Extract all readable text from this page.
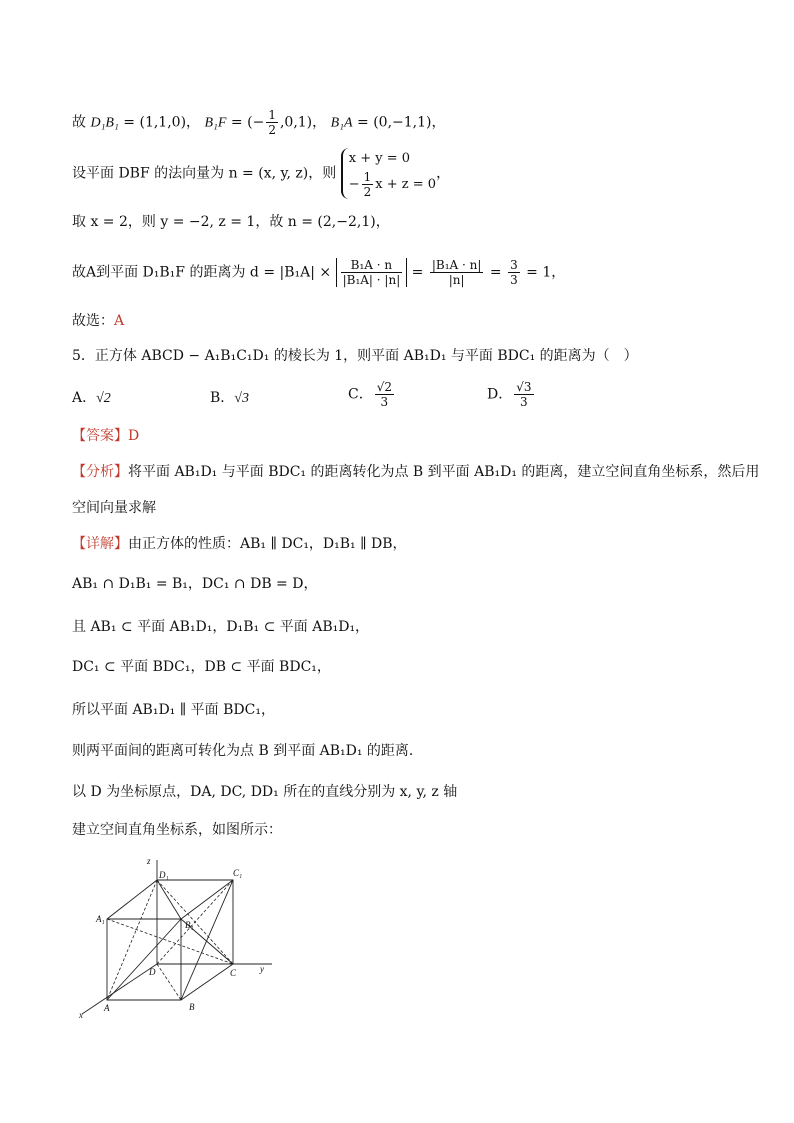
故 D₁B₁ = (1,1,0)， B₁F = (− $\frac{1}{2} ,0,1$)， B₁A = (0,−1,1)，
设平面 DBF 的法向量为 n = (x, y, z)，则
x + y = 0
− $\frac{1}{2}$ x + z = 0
，
取 x = 2，则 y = −2, z = 1，故 n = (2,−2,1)，
故A到平面 D₁B₁F 的距离为 $d = |B_1A| \times \frac{\text{B₁A · n}}{\text{|B₁A| · |n|}} = \frac{\text{|B₁A · n|}}{|n|} = \frac{3}{3} = 1$，
故选：A
5．正方体 ABCD − A₁B₁C₁D₁ 的棱长为 1，则平面 AB₁D₁ 与平面 BDC₁ 的距离为（　）
A．√2	B．√3	C． $\frac{√2}{3}$	D． $\frac{√3}{3}$
【答案】D
【分析】将平面 AB₁D₁ 与平面 BDC₁ 的距离转化为点 B 到平面 AB₁D₁ 的距离，建立空间直角坐标系，然后用
空间向量求解
【详解】由正方体的性质：AB₁ ∥ DC₁，D₁B₁ ∥ DB，
AB₁ ∩ D₁B₁ = B₁，DC₁ ∩ DB = D，
且 AB₁ ⊂ 平面 AB₁D₁，D₁B₁ ⊂ 平面 AB₁D₁，
DC₁ ⊂ 平面 BDC₁，DB ⊂ 平面 BDC₁，
所以平面 AB₁D₁ ∥ 平面 BDC₁，
则两平面间的距离可转化为点 B 到平面 AB₁D₁ 的距离．
以 D 为坐标原点，DA, DC, DD₁ 所在的直线分别为 x, y, z 轴
建立空间直角坐标系，如图所示：
z
D₁	C₁
A₁
B₁
D	C	y
A	B
x
